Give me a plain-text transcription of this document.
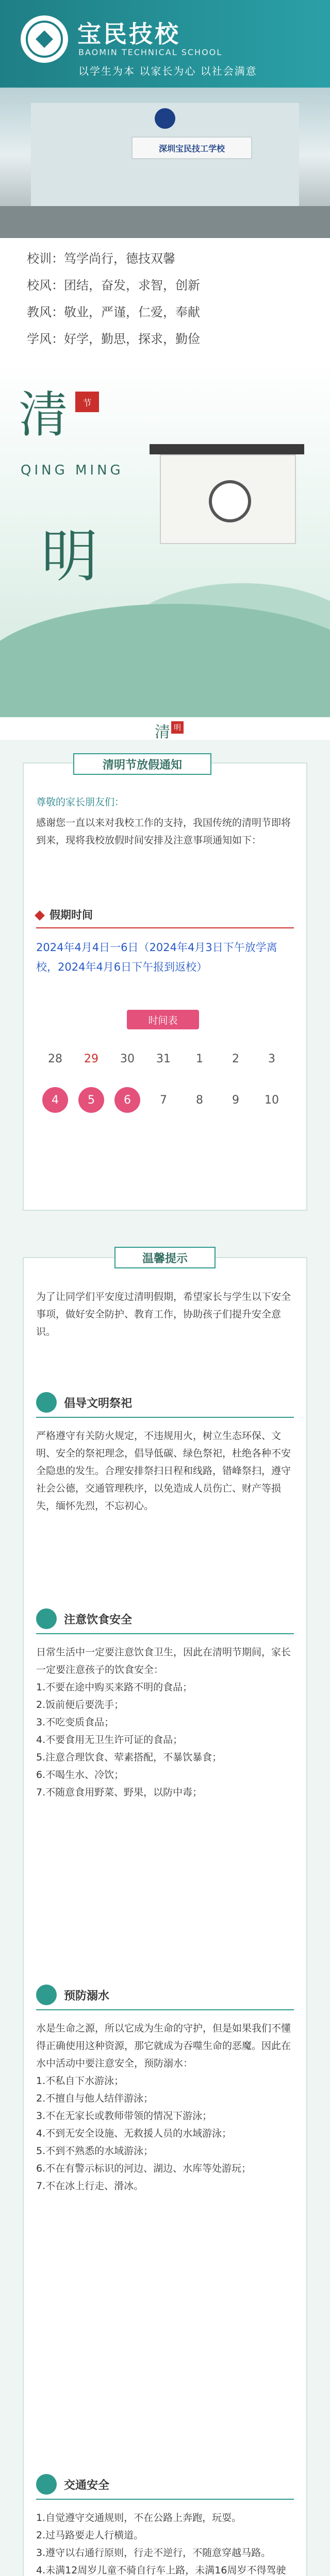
宝民技校
BAOMIN TECHNICAL SCHOOL
以学生为本 以家长为心 以社会满意
深圳宝民技工学校
校训：笃学尚行，德技双馨
校风：团结，奋发，求智，创新
教风：敬业，严谨，仁爱，奉献
学风：好学，勤思，探求，勤俭
清	节
QING MING
明
清 明
清明节放假通知
尊敬的家长朋友们：
感谢您一直以来对我校工作的支持，我国传统的清明节即将到来，现将我校放假时间安排及注意事项通知如下：
假期时间
2024年4月4日一6日（2024年4月3日下午放学离校，2024年4月6日下午报到返校）
时间表
28	29	30	31	1	2	3
4	5	6	7	8	9	10
温馨提示
为了让同学们平安度过清明假期，希望家长与学生以下安全事项，做好安全防护、教育工作，协助孩子们提升安全意识。
倡导文明祭祀
严格遵守有关防火规定，不违规用火，树立生态环保、文明、安全的祭祀理念，倡导低碳、绿色祭祀，杜绝各种不安全隐患的发生。合理安排祭扫日程和线路，错峰祭扫，遵守社会公德，交通管理秩序，以免造成人员伤亡、财产等损失，缅怀先烈，不忘初心。
注意饮食安全
日常生活中一定要注意饮食卫生，因此在清明节期间，家长一定要注意孩子的饮食安全：
1.不要在途中购买来路不明的食品；
2.饭前便后要洗手；
3.不吃变质食品；
4.不要食用无卫生许可证的食品；
5.注意合理饮食、荤素搭配，不暴饮暴食；
6.不喝生水、冷饮；
7.不随意食用野菜、野果，以防中毒；
预防溺水
水是生命之源，所以它成为生命的守护，但是如果我们不懂得正确使用这种资源，那它就成为吞噬生命的恶魔。因此在水中活动中要注意安全，预防溺水：
1.不私自下水游泳；
2.不擅自与他人结伴游泳；
3.不在无家长或教师带领的情况下游泳；
4.不到无安全设施、无救援人员的水域游泳；
5.不到不熟悉的水域游泳；
6.不在有警示标识的河边、湖边、水库等处游玩；
7.不在冰上行走、滑冰。
交通安全
1.自觉遵守交通规则，不在公路上奔跑，玩耍。
2.过马路要走人行横道。
3.遵守以右通行原则，行走不逆行，不随意穿越马路。
4.未满12周岁儿童不骑自行车上路，未满16周岁不得驾驶
